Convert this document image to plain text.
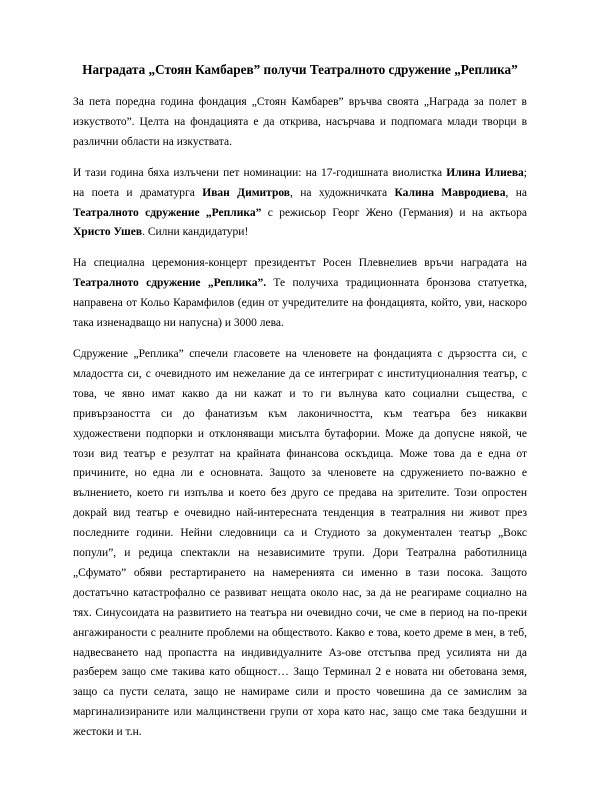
Наградата „Стоян Камбарев” получи Театралното сдружение „Реплика”

За пета поредна година фондация „Стоян Камбарев” връчва своята „Награда за полет в изкуството”. Целта на фондацията е да открива, насърчава и подпомага млади творци в различни области на изкуствата.

И тази година бяха излъчени пет номинации: на 17-годишната виолистка Илина Илиева; на поета и драматурга Иван Димитров, на художничката Калина Мавродиева, на Театралното сдружение „Реплика” с режисьор Георг Жено (Германия) и на актьора Христо Ушев. Силни кандидатури!

На специална церемония-концерт президентът Росен Плевнелиев връчи наградата на Театралното сдружение „Реплика”. Те получиха традиционната бронзова статуетка, направена от Кольо Карамфилов (един от учредителите на фондацията, който, уви, наскоро така изненадващо ни напусна) и 3000 лева.

Сдружение „Реплика” спечели гласовете на членовете на фондацията с дързостта си, с младостта си, с очевидното им нежелание да се интегрират с институционалния театър, с това, че явно имат какво да ни кажат и то ги вълнува като социални същества, с привързаността си до фанатизъм към лаконичността, към театъра без никакви художествени подпорки и отклоняващи мисълта бутафории. Може да допусне някой, че този вид театър е резултат на крайната финансова оскъдица. Може това да е една от причините, но една ли е основната. Защото за членовете на сдружението по-важно е вълнението, което ги изпълва и което без друго се предава на зрителите. Този опростен докрай вид театър е очевидно най-интересната тенденция в театралния ни живот през последните години. Нейни следовници са и Студиото за документален театър „Вокс попули”, и редица спектакли на независимите трупи. Дори Театрална работилница „Сфумато” обяви рестартирането на намеренията си именно в тази посока. Защото достатъчно катастрофално се развиват нещата около нас, за да не реагираме социално на тях. Синусоидата на развитието на театъра ни очевидно сочи, че сме в период на по-преки ангажираности с реалните проблеми на обществото. Какво е това, което дреме в мен, в теб, надвесването над пропастта на индивидуалните Аз-ове отстъпва пред усилията ни да разберем защо сме такива като общност… Защо Терминал 2 е новата ни обетована земя, защо са пусти селата, защо не намираме сили и просто човешина да се замислим за маргинализираните или малцинствени групи от хора като нас, защо сме така бездушни и жестоки и т.н.
